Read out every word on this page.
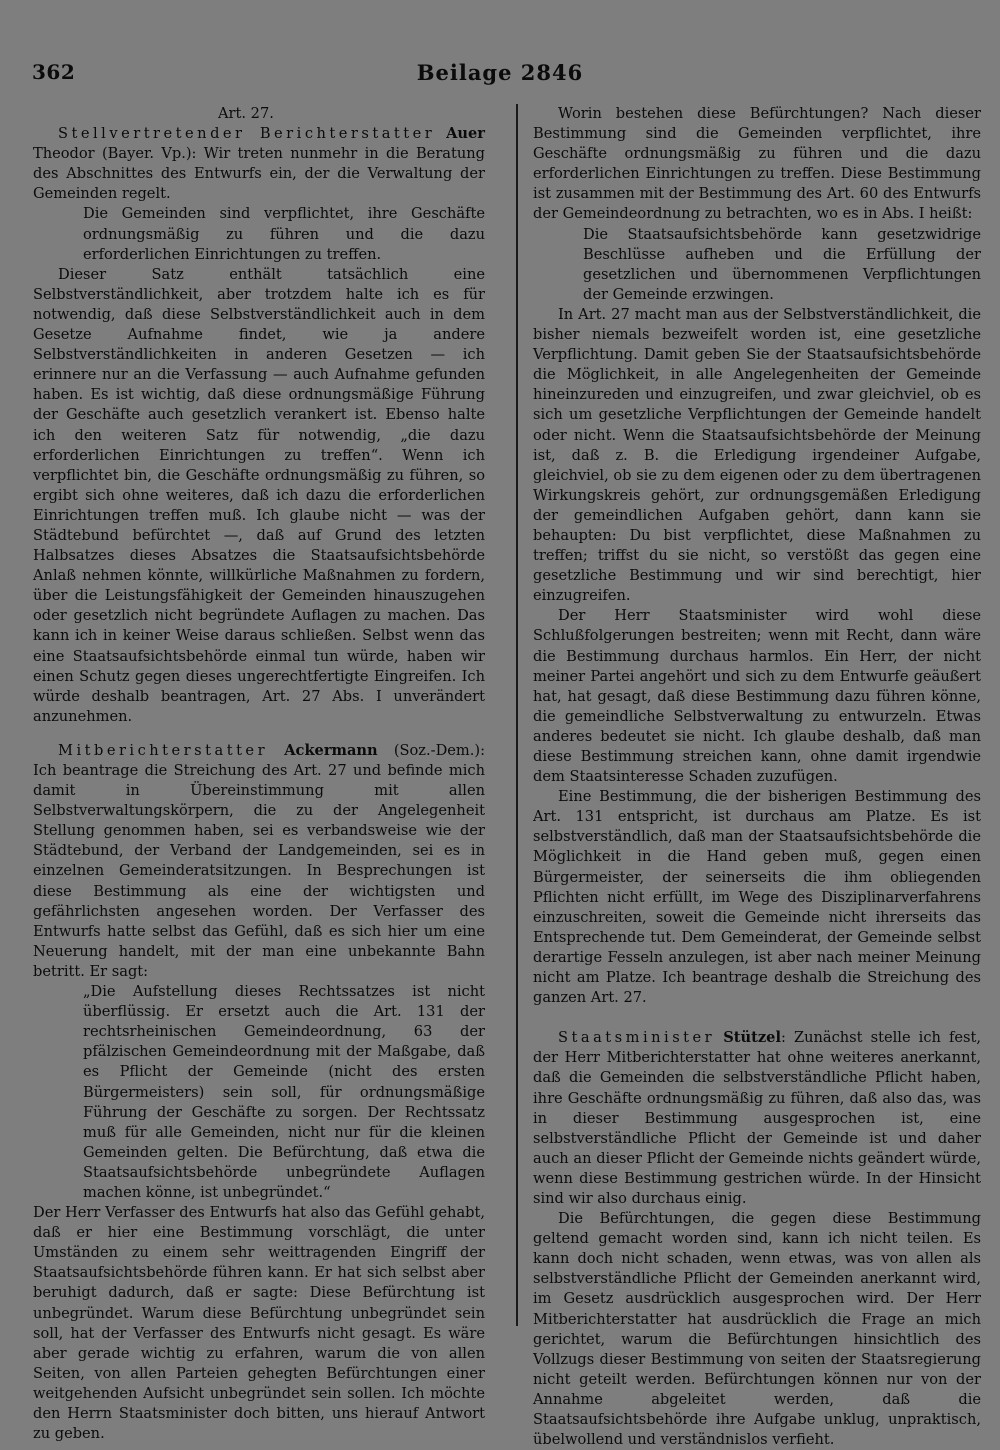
362	Beilage 2846

Art. 27.

Stellvertretender Berichterstatter Auer Theodor (Bayer. Vp.): Wir treten nunmehr in die Beratung des Abschnittes des Entwurfs ein, der die Verwaltung der Gemeinden regelt.

Die Gemeinden sind verpflichtet, ihre Geschäfte ordnungsmäßig zu führen und die dazu erforderlichen Einrichtungen zu treffen.

Dieser Satz enthält tatsächlich eine Selbstverständlichkeit, aber trotzdem halte ich es für notwendig, daß diese Selbstverständlichkeit auch in dem Gesetze Aufnahme findet, wie ja andere Selbstverständlichkeiten in anderen Gesetzen — ich erinnere nur an die Verfassung — auch Aufnahme gefunden haben. Es ist wichtig, daß diese ordnungsmäßige Führung der Geschäfte auch gesetzlich verankert ist. Ebenso halte ich den weiteren Satz für notwendig, „die dazu erforderlichen Einrichtungen zu treffen“. Wenn ich verpflichtet bin, die Geschäfte ordnungsmäßig zu führen, so ergibt sich ohne weiteres, daß ich dazu die erforderlichen Einrichtungen treffen muß. Ich glaube nicht — was der Städtebund befürchtet —, daß auf Grund des letzten Halbsatzes dieses Absatzes die Staatsaufsichtsbehörde Anlaß nehmen könnte, willkürliche Maßnahmen zu fordern, über die Leistungsfähigkeit der Gemeinden hinauszugehen oder gesetzlich nicht begründete Auflagen zu machen. Das kann ich in keiner Weise daraus schließen. Selbst wenn das eine Staatsaufsichtsbehörde einmal tun würde, haben wir einen Schutz gegen dieses ungerechtfertigte Eingreifen. Ich würde deshalb beantragen, Art. 27 Abs. I unverändert anzunehmen.

Mitberichterstatter Ackermann (Soz.-Dem.): Ich beantrage die Streichung des Art. 27 und befinde mich damit in Übereinstimmung mit allen Selbstverwaltungskörpern, die zu der Angelegenheit Stellung genommen haben, sei es verbandsweise wie der Städtebund, der Verband der Landgemeinden, sei es in einzelnen Gemeinderatsitzungen. In Besprechungen ist diese Bestimmung als eine der wichtigsten und gefährlichsten angesehen worden. Der Verfasser des Entwurfs hatte selbst das Gefühl, daß es sich hier um eine Neuerung handelt, mit der man eine unbekannte Bahn betritt. Er sagt:

„Die Aufstellung dieses Rechtssatzes ist nicht überflüssig. Er ersetzt auch die Art. 131 der rechtsrheinischen Gemeindeordnung, 63 der pfälzischen Gemeindeordnung mit der Maßgabe, daß es Pflicht der Gemeinde (nicht des ersten Bürgermeisters) sein soll, für ordnungsmäßige Führung der Geschäfte zu sorgen. Der Rechtssatz muß für alle Gemeinden, nicht nur für die kleinen Gemeinden gelten. Die Befürchtung, daß etwa die Staatsaufsichtsbehörde unbegründete Auflagen machen könne, ist unbegründet.“

Der Herr Verfasser des Entwurfs hat also das Gefühl gehabt, daß er hier eine Bestimmung vorschlägt, die unter Umständen zu einem sehr weittragenden Eingriff der Staatsaufsichtsbehörde führen kann. Er hat sich selbst aber beruhigt dadurch, daß er sagte: Diese Befürchtung ist unbegründet. Warum diese Befürchtung unbegründet sein soll, hat der Verfasser des Entwurfs nicht gesagt. Es wäre aber gerade wichtig zu erfahren, warum die von allen Seiten, von allen Parteien gehegten Befürchtungen einer weitgehenden Aufsicht unbegründet sein sollen. Ich möchte den Herrn Staatsminister doch bitten, uns hierauf Antwort zu geben.

Worin bestehen diese Befürchtungen? Nach dieser Bestimmung sind die Gemeinden verpflichtet, ihre Geschäfte ordnungsmäßig zu führen und die dazu erforderlichen Einrichtungen zu treffen. Diese Bestimmung ist zusammen mit der Bestimmung des Art. 60 des Entwurfs der Gemeindeordnung zu betrachten, wo es in Abs. I heißt:

Die Staatsaufsichtsbehörde kann gesetzwidrige Beschlüsse aufheben und die Erfüllung der gesetzlichen und übernommenen Verpflichtungen der Gemeinde erzwingen.

In Art. 27 macht man aus der Selbstverständlichkeit, die bisher niemals bezweifelt worden ist, eine gesetzliche Verpflichtung. Damit geben Sie der Staatsaufsichtsbehörde die Möglichkeit, in alle Angelegenheiten der Gemeinde hineinzureden und einzugreifen, und zwar gleichviel, ob es sich um gesetzliche Verpflichtungen der Gemeinde handelt oder nicht. Wenn die Staatsaufsichtsbehörde der Meinung ist, daß z. B. die Erledigung irgendeiner Aufgabe, gleichviel, ob sie zu dem eigenen oder zu dem übertragenen Wirkungskreis gehört, zur ordnungsgemäßen Erledigung der gemeindlichen Aufgaben gehört, dann kann sie behaupten: Du bist verpflichtet, diese Maßnahmen zu treffen; triffst du sie nicht, so verstößt das gegen eine gesetzliche Bestimmung und wir sind berechtigt, hier einzugreifen.

Der Herr Staatsminister wird wohl diese Schlußfolgerungen bestreiten; wenn mit Recht, dann wäre die Bestimmung durchaus harmlos. Ein Herr, der nicht meiner Partei angehört und sich zu dem Entwurfe geäußert hat, hat gesagt, daß diese Bestimmung dazu führen könne, die gemeindliche Selbstverwaltung zu entwurzeln. Etwas anderes bedeutet sie nicht. Ich glaube deshalb, daß man diese Bestimmung streichen kann, ohne damit irgendwie dem Staatsinteresse Schaden zuzufügen.

Eine Bestimmung, die der bisherigen Bestimmung des Art. 131 entspricht, ist durchaus am Platze. Es ist selbstverständlich, daß man der Staatsaufsichtsbehörde die Möglichkeit in die Hand geben muß, gegen einen Bürgermeister, der seinerseits die ihm obliegenden Pflichten nicht erfüllt, im Wege des Disziplinarverfahrens einzuschreiten, soweit die Gemeinde nicht ihrerseits das Entsprechende tut. Dem Gemeinderat, der Gemeinde selbst derartige Fesseln anzulegen, ist aber nach meiner Meinung nicht am Platze. Ich beantrage deshalb die Streichung des ganzen Art. 27.

Staatsminister Stützel: Zunächst stelle ich fest, der Herr Mitberichterstatter hat ohne weiteres anerkannt, daß die Gemeinden die selbstverständliche Pflicht haben, ihre Geschäfte ordnungsmäßig zu führen, daß also das, was in dieser Bestimmung ausgesprochen ist, eine selbstverständliche Pflicht der Gemeinde ist und daher auch an dieser Pflicht der Gemeinde nichts geändert würde, wenn diese Bestimmung gestrichen würde. In der Hinsicht sind wir also durchaus einig.

Die Befürchtungen, die gegen diese Bestimmung geltend gemacht worden sind, kann ich nicht teilen. Es kann doch nicht schaden, wenn etwas, was von allen als selbstverständliche Pflicht der Gemeinden anerkannt wird, im Gesetz ausdrücklich ausgesprochen wird. Der Herr Mitberichterstatter hat ausdrücklich die Frage an mich gerichtet, warum die Befürchtungen hinsichtlich des Vollzugs dieser Bestimmung von seiten der Staatsregierung nicht geteilt werden. Befürchtungen können nur von der Annahme abgeleitet werden, daß die Staatsaufsichtsbehörde ihre Aufgabe unklug, unpraktisch, übelwollend und verständnislos verfieht.
